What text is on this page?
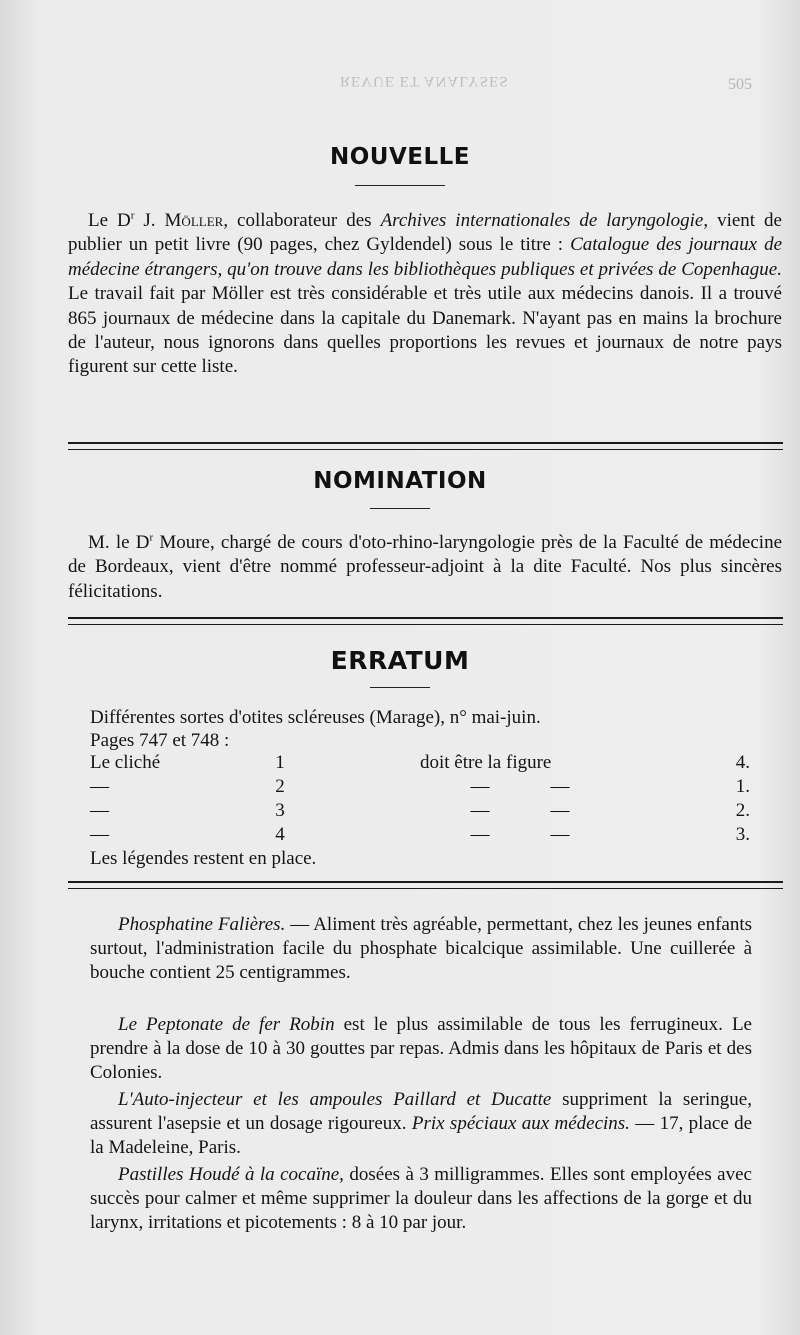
REVUE ET ANALYSES	505

NOUVELLE
Le $D^r$ J. Möller, collaborateur des Archives internationales de laryngologie, vient de publier un petit livre (90 pages, chez Gyldendel) sous le titre : Catalogue des journaux de médecine étrangers, qu'on trouve dans les bibliothèques publiques et privées de Copenhague. Le travail fait par Möller est très considérable et très utile aux médecins danois. Il a trouvé 865 journaux de médecine dans la capitale du Danemark. N'ayant pas en mains la brochure de l'auteur, nous ignorons dans quelles proportions les revues et journaux de notre pays figurent sur cette liste.
NOMINATION
M. le $D^r$ Moure, chargé de cours d'oto-rhino-laryngologie près de la Faculté de médecine de Bordeaux, vient d'être nommé professeur-adjoint à la dite Faculté. Nos plus sincères félicitations.
ERRATUM
Différentes sortes d'otites scléreuses (Marage), n° mai-juin.
Pages 747 et 748 :
Le cliché	1	doit être la figure	4.
—	2	—	—	1.
—	3	—	—	2.
—	4	—	—	3.
Les légendes restent en place.
Phosphatine Falières. — Aliment très agréable, permettant, chez les jeunes enfants surtout, l'administration facile du phosphate bicalcique assimilable. Une cuillerée à bouche contient 25 centigrammes.
Le Peptonate de fer Robin est le plus assimilable de tous les ferrugineux. Le prendre à la dose de 10 à 30 gouttes par repas. Admis dans les hôpitaux de Paris et des Colonies.
L'Auto-injecteur et les ampoules Paillard et Ducatte suppriment la seringue, assurent l'asepsie et un dosage rigoureux. Prix spéciaux aux médecins. — 17, place de la Madeleine, Paris.
Pastilles Houdé à la cocaïne, dosées à 3 milligrammes. Elles sont employées avec succès pour calmer et même supprimer la douleur dans les affections de la gorge et du larynx, irritations et picotements : 8 à 10 par jour.
